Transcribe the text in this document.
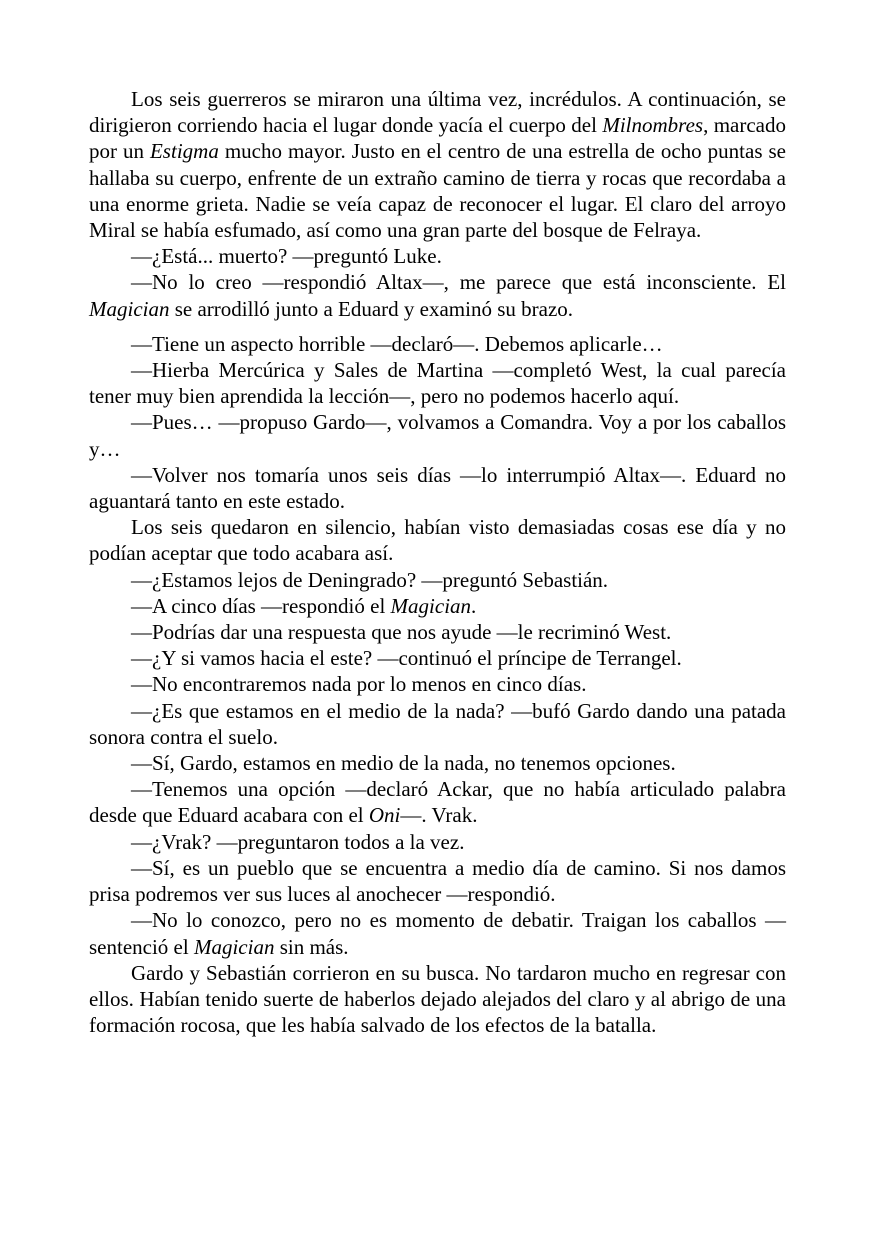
Los seis guerreros se miraron una última vez, incrédulos. A continuación, se dirigieron corriendo hacia el lugar donde yacía el cuerpo del Milnombres, marcado por un Estigma mucho mayor. Justo en el centro de una estrella de ocho puntas se hallaba su cuerpo, enfrente de un extraño camino de tierra y rocas que recordaba a una enorme grieta. Nadie se veía capaz de reconocer el lugar. El claro del arroyo Miral se había esfumado, así como una gran parte del bosque de Felraya.

—¿Está... muerto? —preguntó Luke.

—No lo creo —respondió Altax—, me parece que está inconsciente. El Magician se arrodilló junto a Eduard y examinó su brazo.

—Tiene un aspecto horrible —declaró—. Debemos aplicarle…

—Hierba Mercúrica y Sales de Martina —completó West, la cual parecía tener muy bien aprendida la lección—, pero no podemos hacerlo aquí.

—Pues… —propuso Gardo—, volvamos a Comandra. Voy a por los caballos y…

—Volver nos tomaría unos seis días —lo interrumpió Altax—. Eduard no aguantará tanto en este estado.

Los seis quedaron en silencio, habían visto demasiadas cosas ese día y no podían aceptar que todo acabara así.

—¿Estamos lejos de Deningrado? —preguntó Sebastián.

—A cinco días —respondió el Magician.

—Podrías dar una respuesta que nos ayude —le recriminó West.

—¿Y si vamos hacia el este? —continuó el príncipe de Terrangel.

—No encontraremos nada por lo menos en cinco días.

—¿Es que estamos en el medio de la nada? —bufó Gardo dando una patada sonora contra el suelo.

—Sí, Gardo, estamos en medio de la nada, no tenemos opciones.

—Tenemos una opción —declaró Ackar, que no había articulado palabra desde que Eduard acabara con el Oni—. Vrak.

—¿Vrak? —preguntaron todos a la vez.

—Sí, es un pueblo que se encuentra a medio día de camino. Si nos damos prisa podremos ver sus luces al anochecer —respondió.

—No lo conozco, pero no es momento de debatir. Traigan los caballos —sentenció el Magician sin más.

Gardo y Sebastián corrieron en su busca. No tardaron mucho en regresar con ellos. Habían tenido suerte de haberlos dejado alejados del claro y al abrigo de una formación rocosa, que les había salvado de los efectos de la batalla.
